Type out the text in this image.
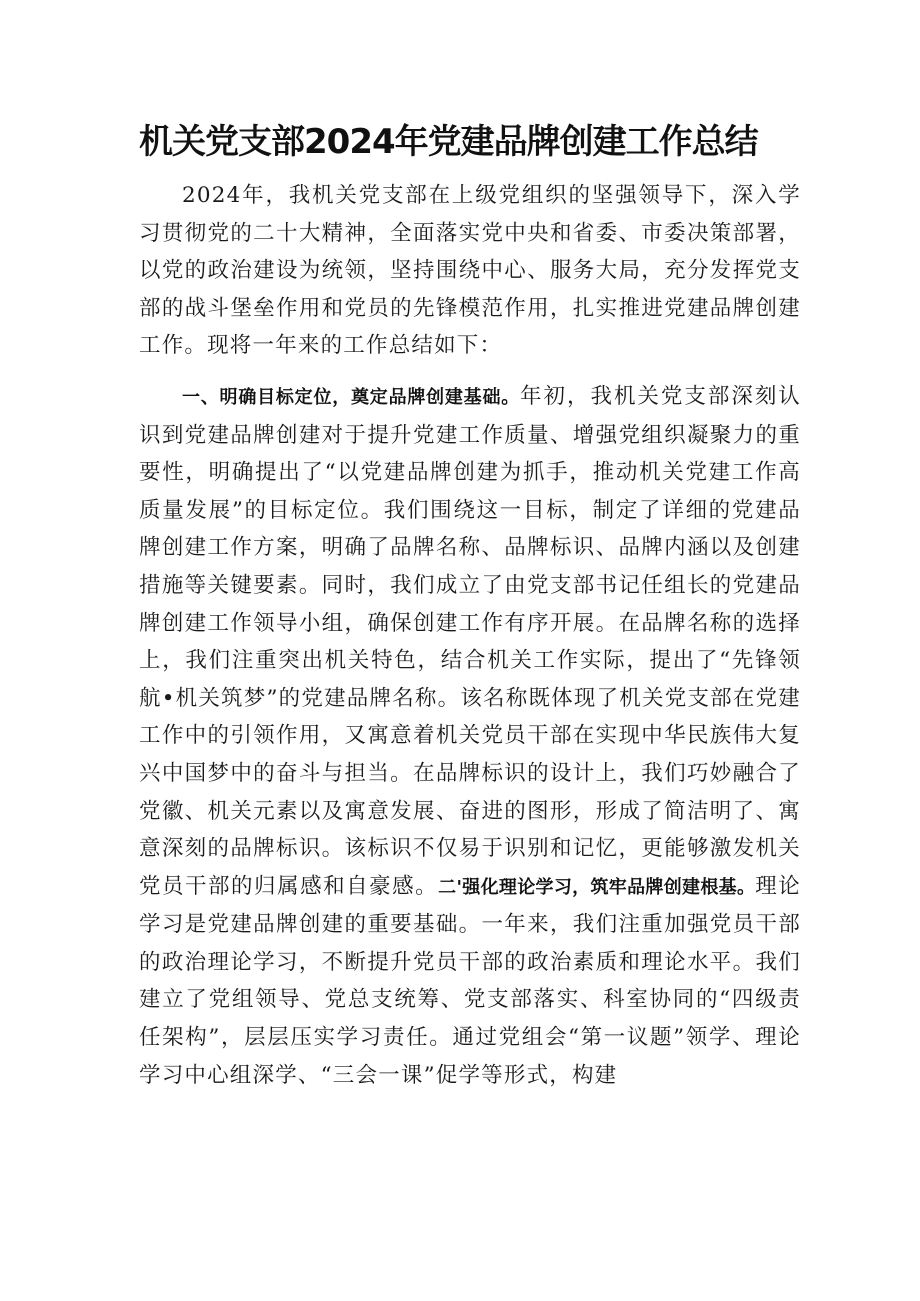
机关党支部2024年党建品牌创建工作总结

2024年，我机关党支部在上级党组织的坚强领导下，深入学习贯彻党的二十大精神，全面落实党中央和省委、市委决策部署，以党的政治建设为统领，坚持围绕中心、服务大局，充分发挥党支部的战斗堡垒作用和党员的先锋模范作用，扎实推进党建品牌创建工作。现将一年来的工作总结如下：

一、明确目标定位，奠定品牌创建基础。年初，我机关党支部深刻认识到党建品牌创建对于提升党建工作质量、增强党组织凝聚力的重要性，明确提出了“以党建品牌创建为抓手，推动机关党建工作高质量发展”的目标定位。我们围绕这一目标，制定了详细的党建品牌创建工作方案，明确了品牌名称、品牌标识、品牌内涵以及创建措施等关键要素。同时，我们成立了由党支部书记任组长的党建品牌创建工作领导小组，确保创建工作有序开展。在品牌名称的选择上，我们注重突出机关特色，结合机关工作实际，提出了“先锋领航•机关筑梦”的党建品牌名称。该名称既体现了机关党支部在党建工作中的引领作用，又寓意着机关党员干部在实现中华民族伟大复兴中国梦中的奋斗与担当。在品牌标识的设计上，我们巧妙融合了党徽、机关元素以及寓意发展、奋进的图形，形成了简洁明了、寓意深刻的品牌标识。该标识不仅易于识别和记忆，更能够激发机关党员干部的归属感和自豪感。二'强化理论学习，筑牢品牌创建根基。理论学习是党建品牌创建的重要基础。一年来，我们注重加强党员干部的政治理论学习，不断提升党员干部的政治素质和理论水平。我们建立了党组领导、党总支统筹、党支部落实、科室协同的“四级责任架构”，层层压实学习责任。通过党组会“第一议题”领学、理论学习中心组深学、“三会一课”促学等形式，构建
